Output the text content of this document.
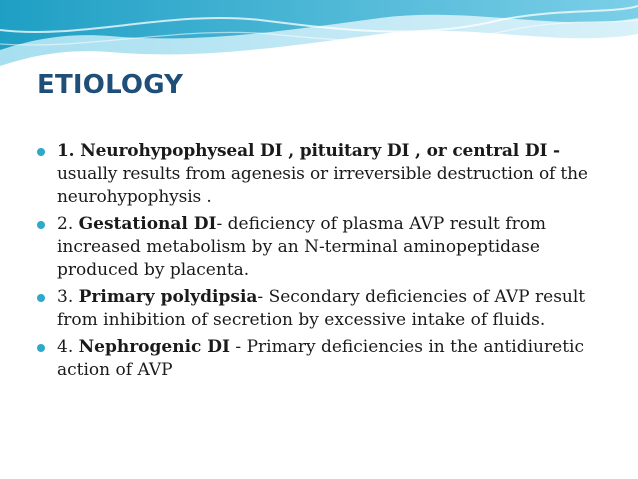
ETIOLOGY
1. Neurohypophyseal DI , pituitary DI , or central DI - usually results from agenesis or irreversible destruction of the neurohypophysis .
2. Gestational DI- deficiency of plasma AVP result from increased metabolism by an N-terminal aminopeptidase produced by placenta.
3. Primary polydipsia- Secondary deficiencies of AVP result from inhibition of secretion by excessive intake of fluids.
4. Nephrogenic DI - Primary deficiencies in the antidiuretic action of AVP
